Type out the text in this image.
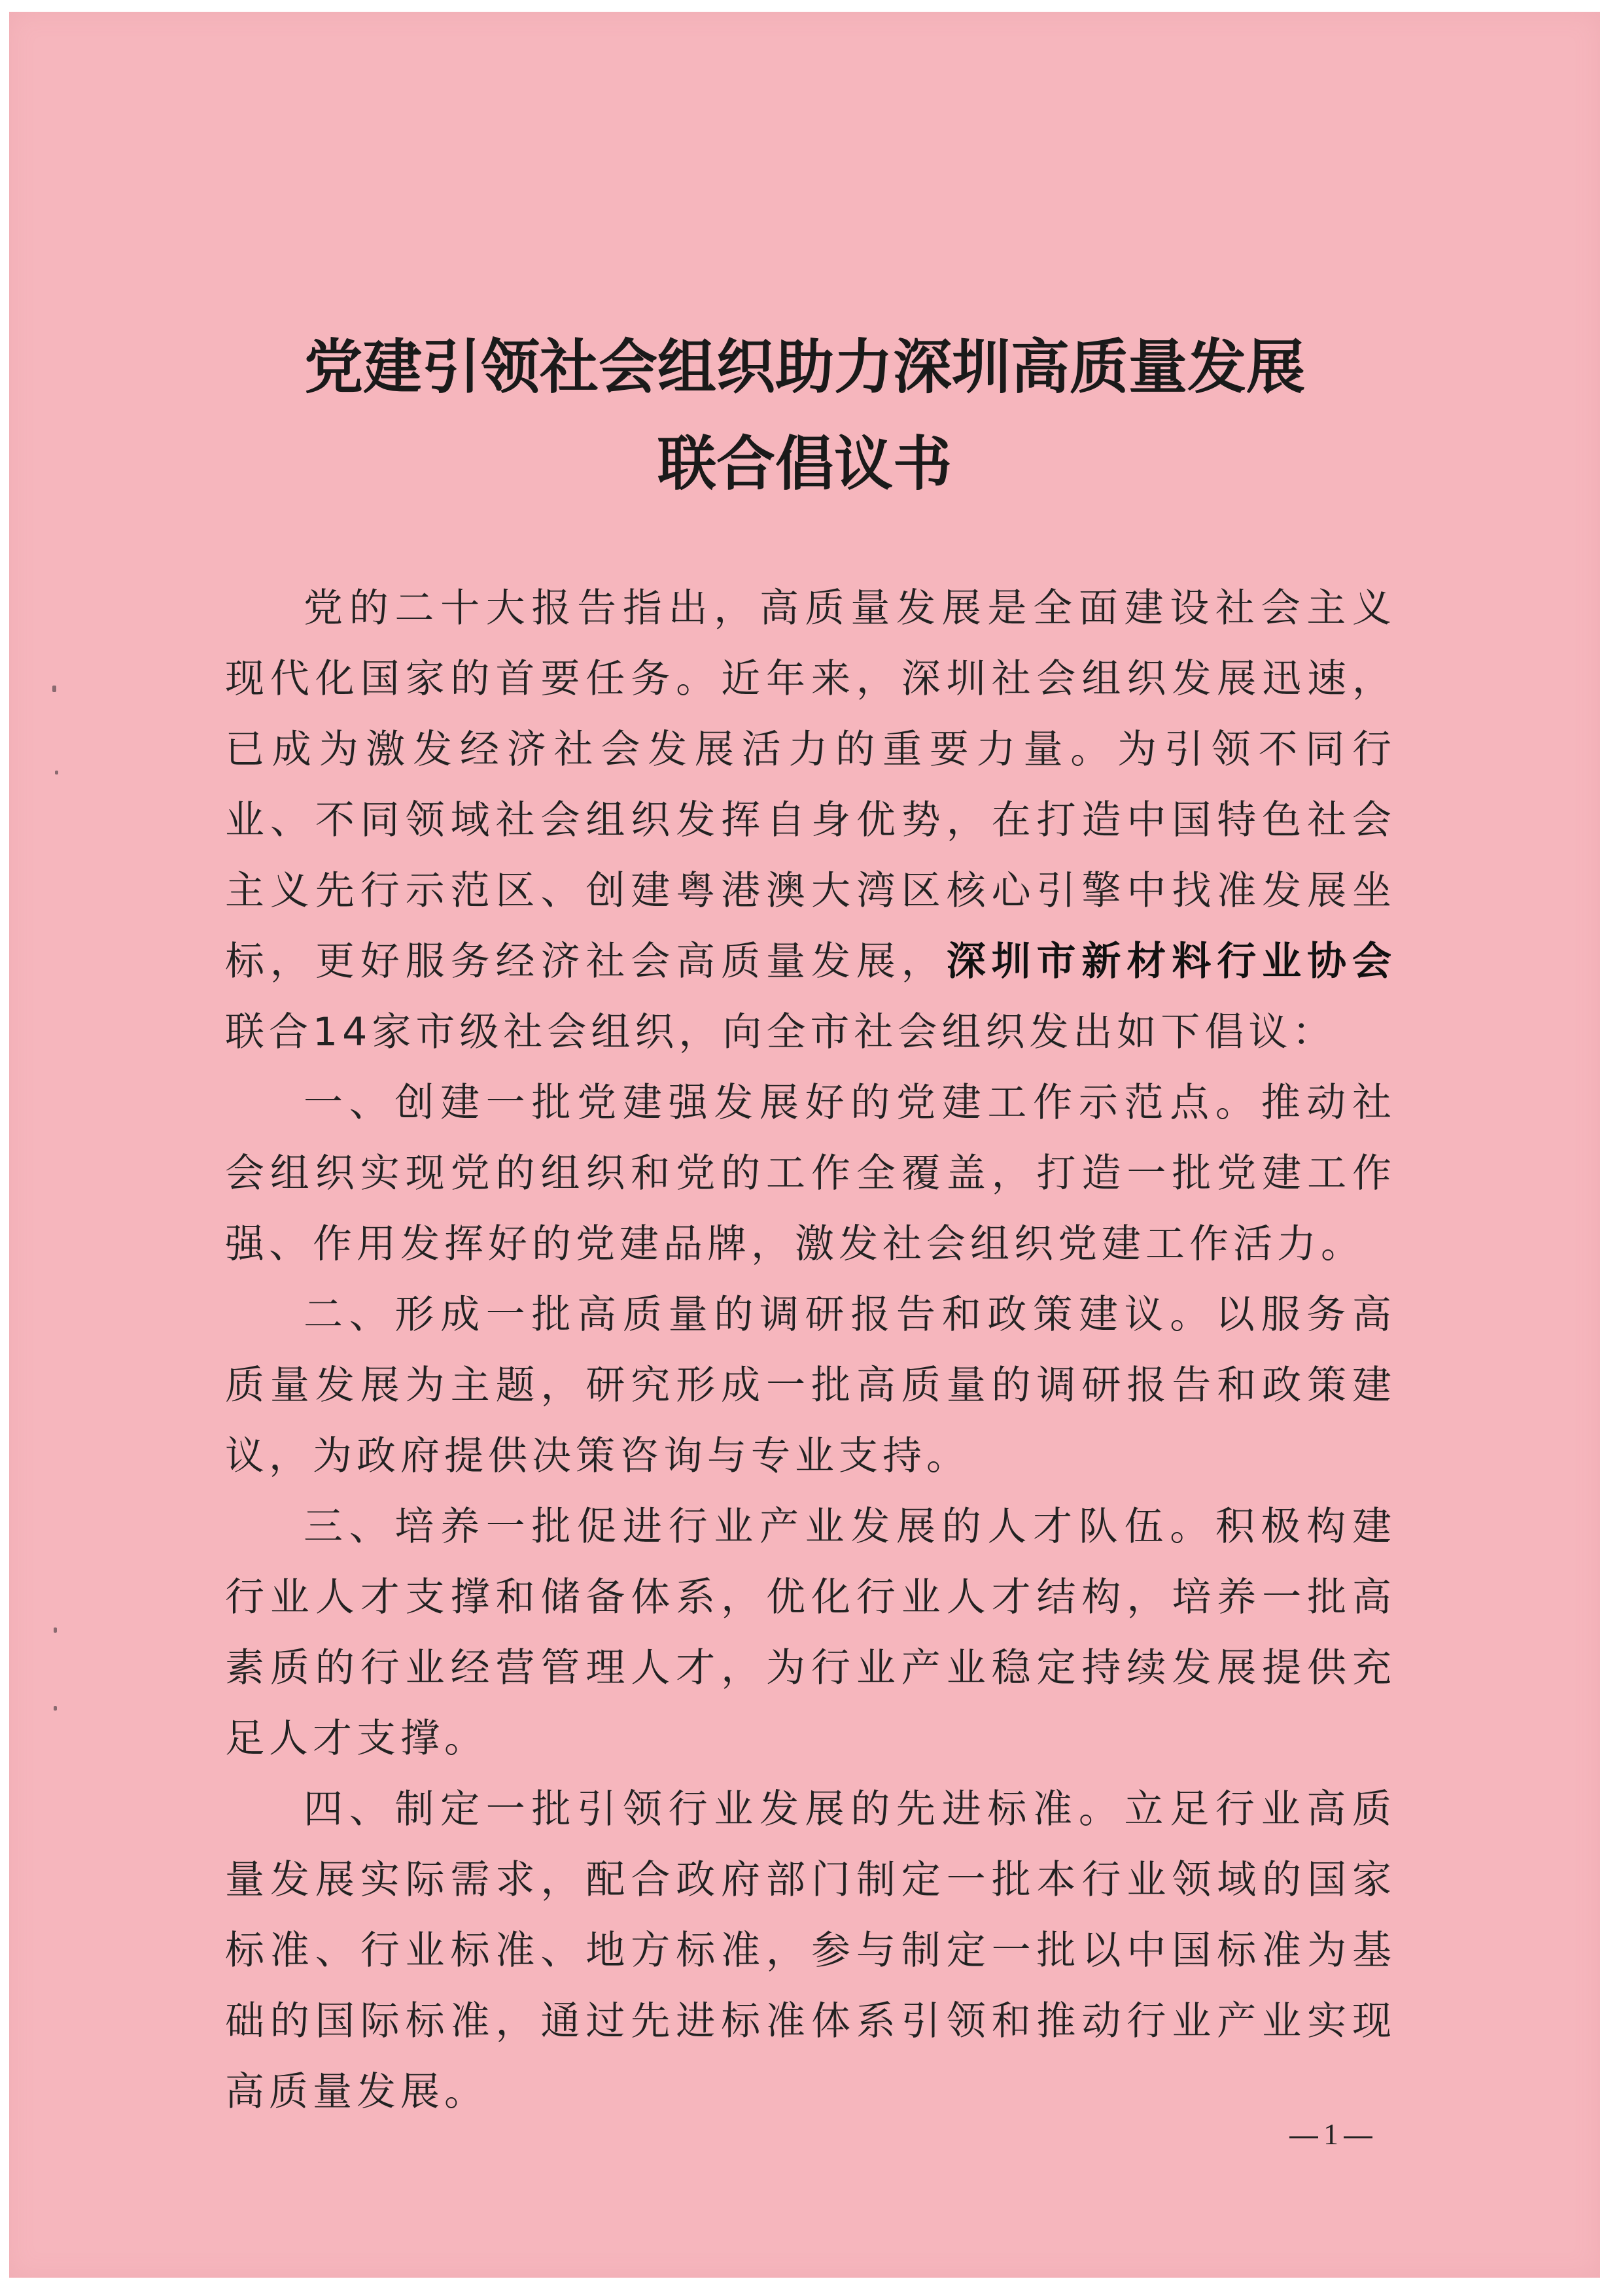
党建引领社会组织助力深圳高质量发展
联合倡议书

党的二十大报告指出，高质量发展是全面建设社会主义现代化国家的首要任务。近年来，深圳社会组织发展迅速，已成为激发经济社会发展活力的重要力量。为引领不同行业、不同领域社会组织发挥自身优势，在打造中国特色社会主义先行示范区、创建粤港澳大湾区核心引擎中找准发展坐标，更好服务经济社会高质量发展，深圳市新材料行业协会联合14家市级社会组织，向全市社会组织发出如下倡议：

一、创建一批党建强发展好的党建工作示范点。推动社会组织实现党的组织和党的工作全覆盖，打造一批党建工作强、作用发挥好的党建品牌，激发社会组织党建工作活力。

二、形成一批高质量的调研报告和政策建议。以服务高质量发展为主题，研究形成一批高质量的调研报告和政策建议，为政府提供决策咨询与专业支持。

三、培养一批促进行业产业发展的人才队伍。积极构建行业人才支撑和储备体系，优化行业人才结构，培养一批高素质的行业经营管理人才，为行业产业稳定持续发展提供充足人才支撑。

四、制定一批引领行业发展的先进标准。立足行业高质量发展实际需求，配合政府部门制定一批本行业领域的国家标准、行业标准、地方标准，参与制定一批以中国标准为基础的国际标准，通过先进标准体系引领和推动行业产业实现高质量发展。

1
